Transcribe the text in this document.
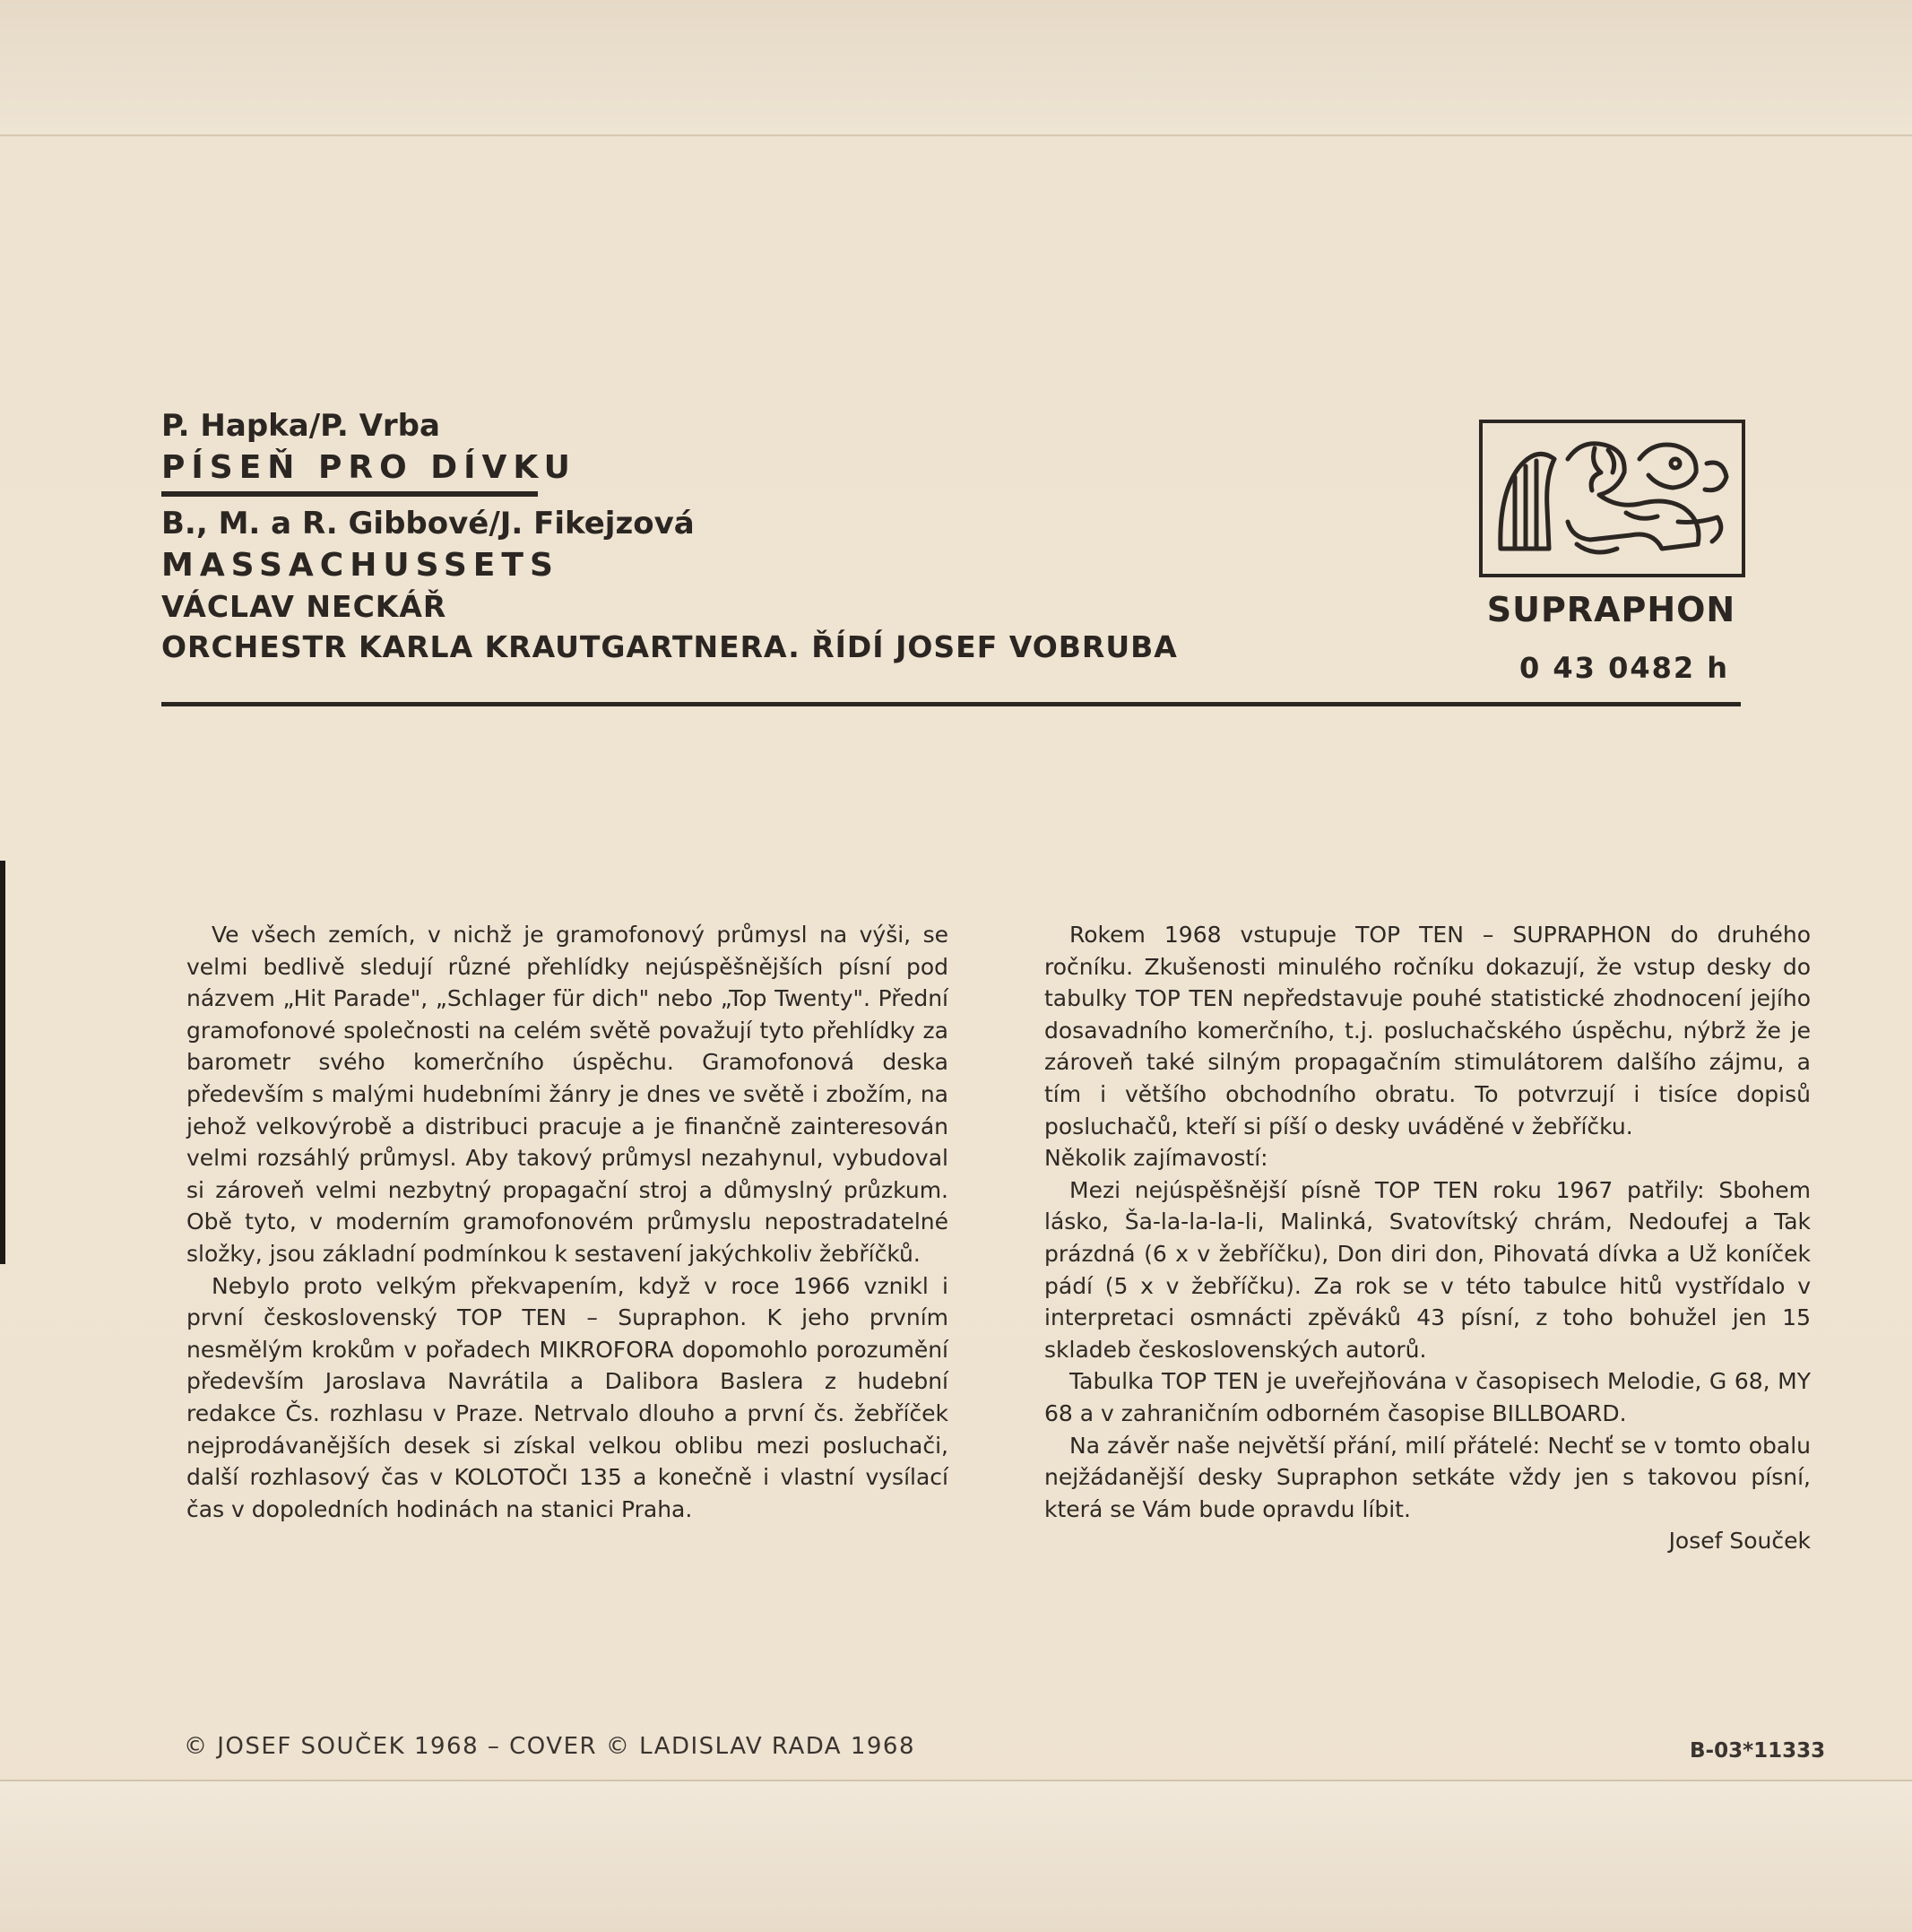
P. Hapka/P. Vrba
PÍSEŇ PRO DÍVKU
B., M. a R. Gibbové/J. Fikejzová
MASSACHUSSETS
VÁCLAV NECKÁŘ
ORCHESTR KARLA KRAUTGARTNERA. ŘÍDÍ JOSEF VOBRUBA
SUPRAPHON
0 43 0482 h

Ve všech zemích, v nichž je gramofonový průmysl na výši, se velmi bedlivě sledují různé přehlídky nejúspěšnějších písní pod názvem „Hit Parade", „Schlager für dich" nebo „Top Twenty". Přední gramofonové společnosti na celém světě považují tyto přehlídky za barometr svého komerčního úspěchu. Gramofonová deska především s malými hudebními žánry je dnes ve světě i zbožím, na jehož velkovýrobě a distribuci pracuje a je finančně zainteresován velmi rozsáhlý průmysl. Aby takový průmysl nezahynul, vybudoval si zároveň velmi nezbytný propagační stroj a důmyslný průzkum. Obě tyto, v moderním gramofonovém průmyslu nepostradatelné složky, jsou základní podmínkou k sestavení jakýchkoliv žebříčků.

Nebylo proto velkým překvapením, když v roce 1966 vznikl i první československý TOP TEN – Supraphon. K jeho prvním nesmělým krokům v pořadech MIKROFORA dopomohlo porozumění především Jaroslava Navrátila a Dalibora Baslera z hudební redakce Čs. rozhlasu v Praze. Netrvalo dlouho a první čs. žebříček nejprodávanějších desek si získal velkou oblibu mezi posluchači, další rozhlasový čas v KOLOTOČI 135 a konečně i vlastní vysílací čas v dopoledních hodinách na stanici Praha.

Rokem 1968 vstupuje TOP TEN – SUPRAPHON do druhého ročníku. Zkušenosti minulého ročníku dokazují, že vstup desky do tabulky TOP TEN nepředstavuje pouhé statistické zhodnocení jejího dosavadního komerčního, t.j. posluchačského úspěchu, nýbrž že je zároveň také silným propagačním stimulátorem dalšího zájmu, a tím i většího obchodního obratu. To potvrzují i tisíce dopisů posluchačů, kteří si píší o desky uváděné v žebříčku.

Několik zajímavostí:

Mezi nejúspěšnější písně TOP TEN roku 1967 patřily: Sbohem lásko, Ša-la-la-la-li, Malinká, Svatovítský chrám, Nedoufej a Tak prázdná (6 x v žebříčku), Don diri don, Pihovatá dívka a Už koníček pádí (5 x v žebříčku). Za rok se v této tabulce hitů vystřídalo v interpretaci osmnácti zpěváků 43 písní, z toho bohužel jen 15 skladeb československých autorů.

Tabulka TOP TEN je uveřejňována v časopisech Melodie, G 68, MY 68 a v zahraničním odborném časopise BILLBOARD.

Na závěr naše největší přání, milí přátelé: Nechť se v tomto obalu nejžádanější desky Supraphon setkáte vždy jen s takovou písní, která se Vám bude opravdu líbit.

Josef Souček

© JOSEF SOUČEK 1968 – COVER © LADISLAV RADA 1968	B-03*11333
